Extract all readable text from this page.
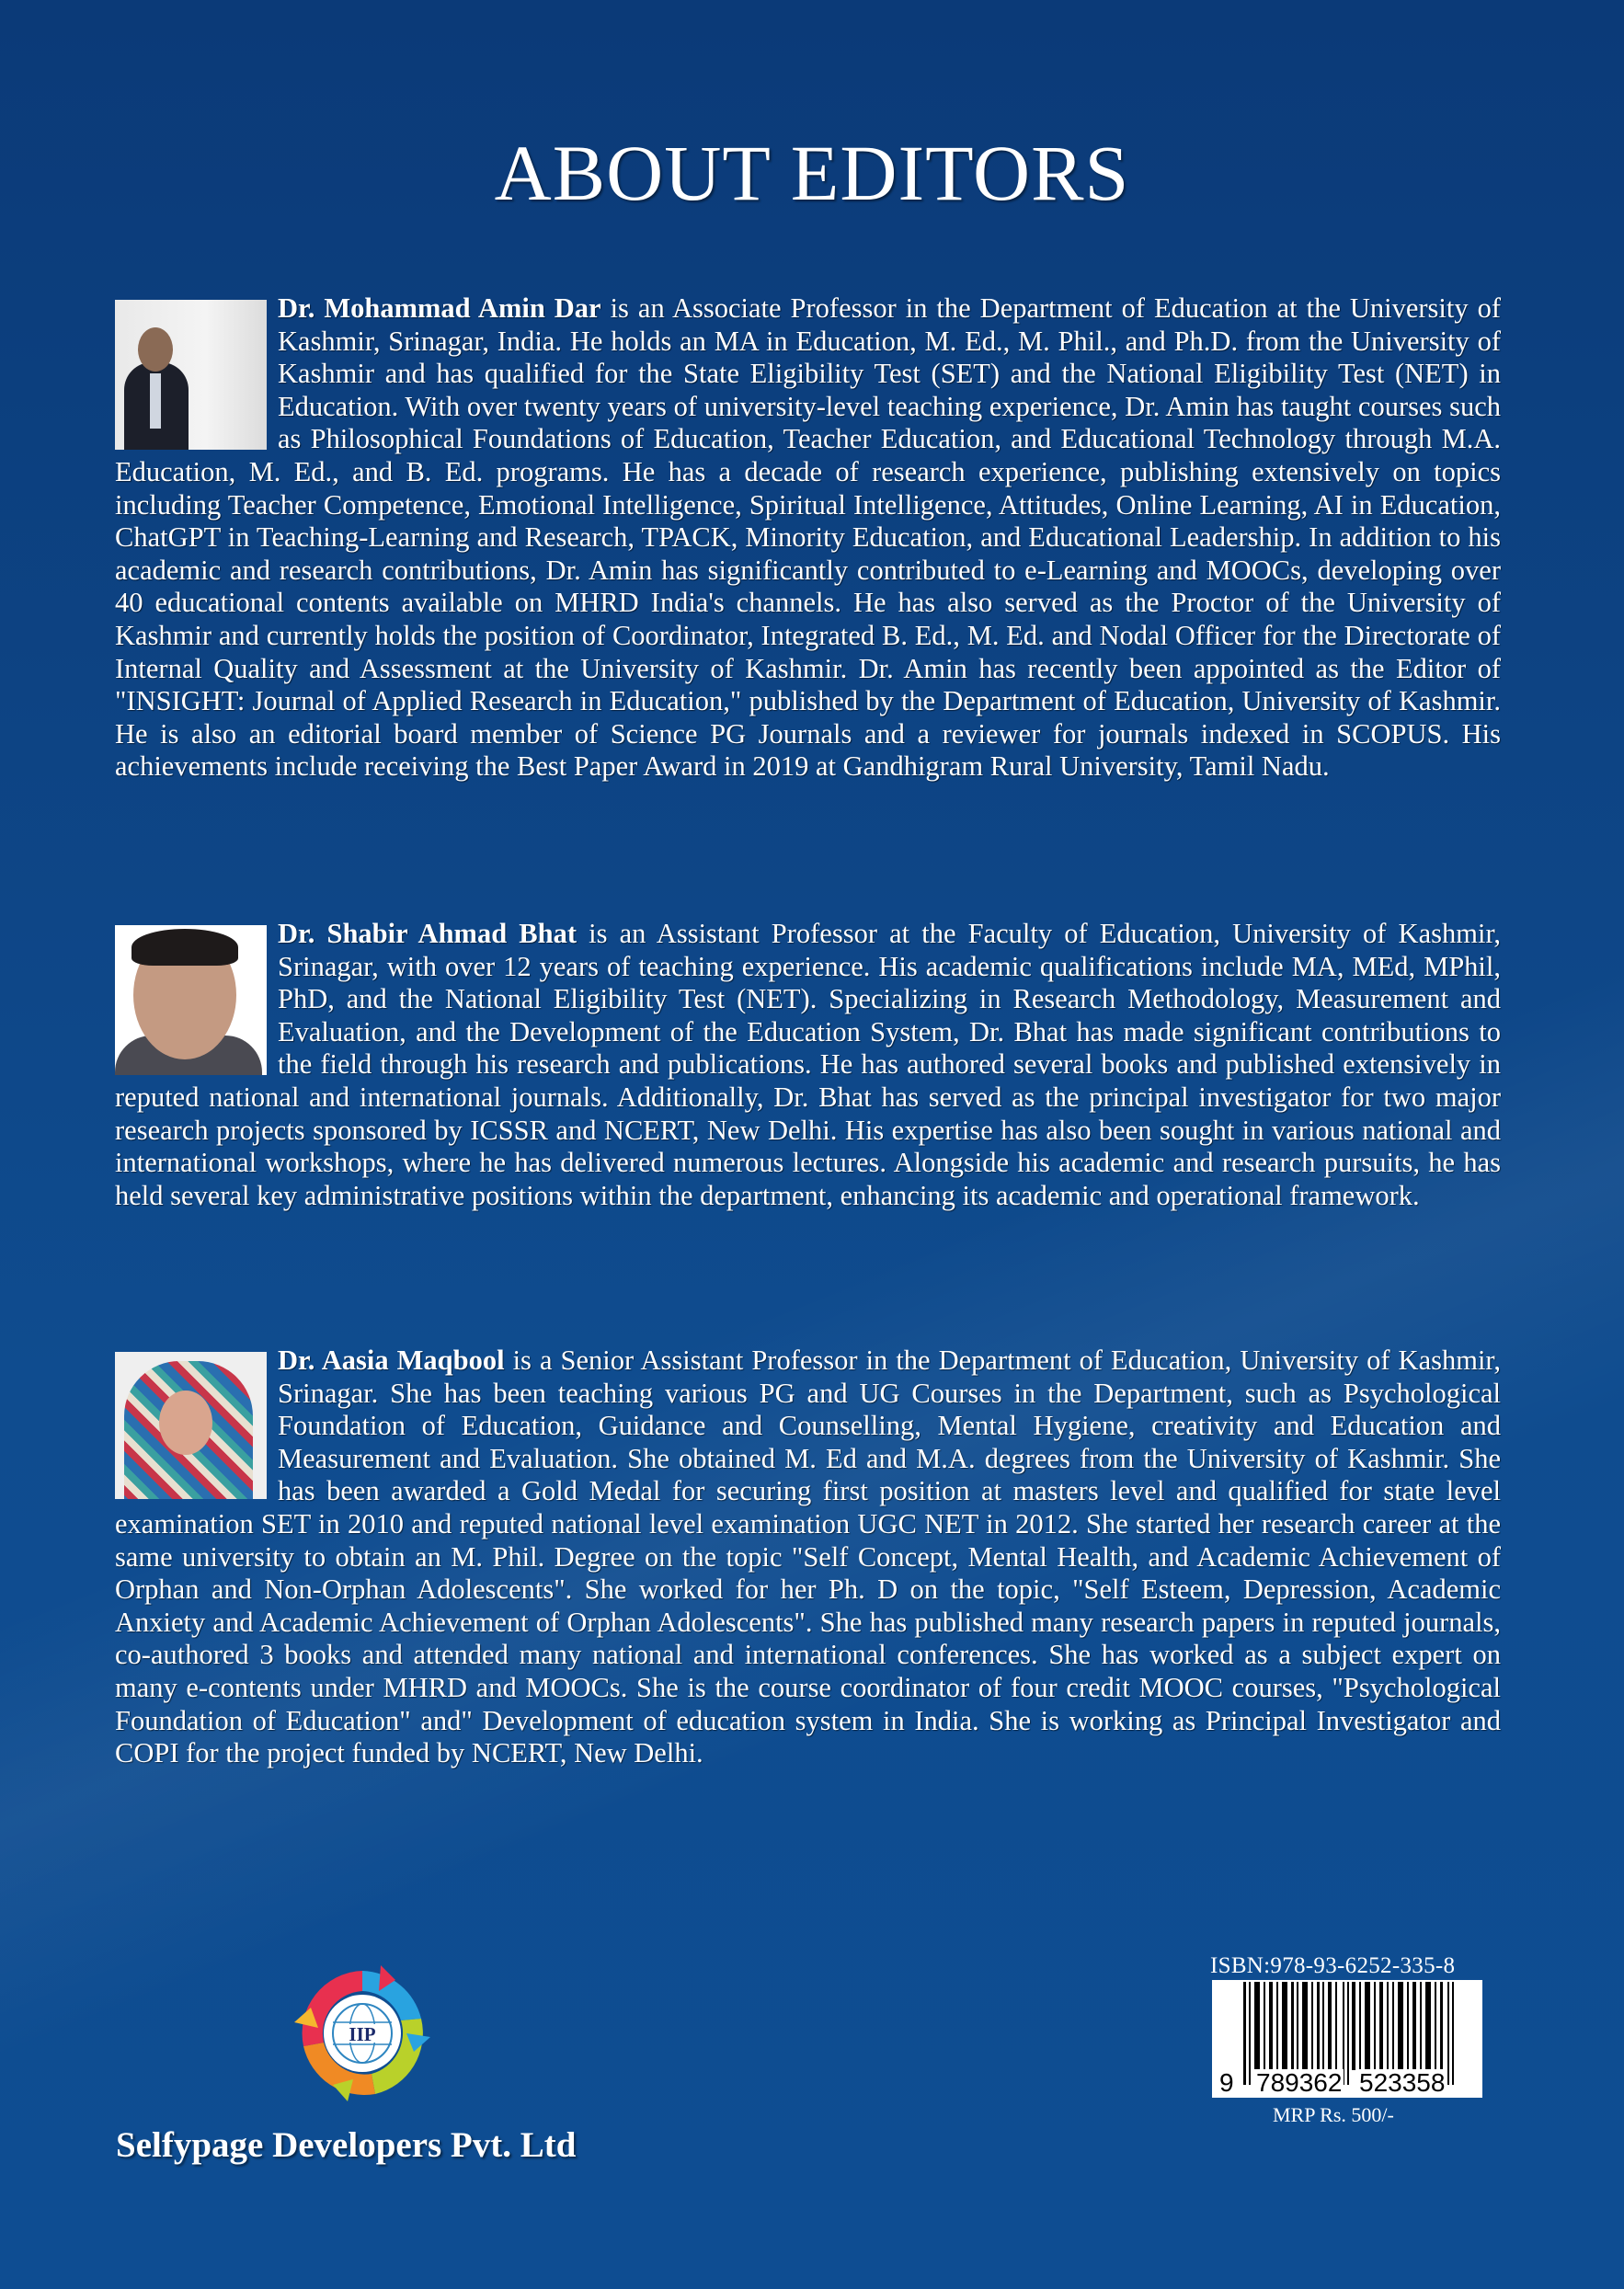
ABOUT EDITORS
Dr. Mohammad Amin Dar is an Associate Professor in the Department of Education at the University of Kashmir, Srinagar, India. He holds an MA in Education, M. Ed., M. Phil., and Ph.D. from the University of Kashmir and has qualified for the State Eligibility Test (SET) and the National Eligibility Test (NET) in Education. With over twenty years of university-level teaching experience, Dr. Amin has taught courses such as Philosophical Foundations of Education, Teacher Education, and Educational Technology through M.A. Education, M. Ed., and B. Ed. programs. He has a decade of research experience, publishing extensively on topics including Teacher Competence, Emotional Intelligence, Spiritual Intelligence, Attitudes, Online Learning, AI in Education, ChatGPT in Teaching-Learning and Research, TPACK, Minority Education, and Educational Leadership. In addition to his academic and research contributions, Dr. Amin has significantly contributed to e-Learning and MOOCs, developing over 40 educational contents available on MHRD India's channels. He has also served as the Proctor of the University of Kashmir and currently holds the position of Coordinator, Integrated B. Ed., M. Ed. and Nodal Officer for the Directorate of Internal Quality and Assessment at the University of Kashmir. Dr. Amin has recently been appointed as the Editor of "INSIGHT: Journal of Applied Research in Education," published by the Department of Education, University of Kashmir. He is also an editorial board member of Science PG Journals and a reviewer for journals indexed in SCOPUS. His achievements include receiving the Best Paper Award in 2019 at Gandhigram Rural University, Tamil Nadu.
Dr. Shabir Ahmad Bhat is an Assistant Professor at the Faculty of Education, University of Kashmir, Srinagar, with over 12 years of teaching experience. His academic qualifications include MA, MEd, MPhil, PhD, and the National Eligibility Test (NET). Specializing in Research Methodology, Measurement and Evaluation, and the Development of the Education System, Dr. Bhat has made significant contributions to the field through his research and publications. He has authored several books and published extensively in reputed national and international journals. Additionally, Dr. Bhat has served as the principal investigator for two major research projects sponsored by ICSSR and NCERT, New Delhi. His expertise has also been sought in various national and international workshops, where he has delivered numerous lectures. Alongside his academic and research pursuits, he has held several key administrative positions within the department, enhancing its academic and operational framework.
Dr. Aasia Maqbool is a Senior Assistant Professor in the Department of Education, University of Kashmir, Srinagar. She has been teaching various PG and UG Courses in the Department, such as Psychological Foundation of Education, Guidance and Counselling, Mental Hygiene, creativity and Education and Measurement and Evaluation. She obtained M. Ed and M.A. degrees from the University of Kashmir. She has been awarded a Gold Medal for securing first position at masters level and qualified for state level examination SET in 2010 and reputed national level examination UGC NET in 2012. She started her research career at the same university to obtain an M. Phil. Degree on the topic "Self Concept, Mental Health, and Academic Achievement of Orphan and Non-Orphan Adolescents". She worked for her Ph. D on the topic, "Self Esteem, Depression, Academic Anxiety and Academic Achievement of Orphan Adolescents". She has published many research papers in reputed journals, co-authored 3 books and attended many national and international conferences. She has worked as a subject expert on many e-contents under MHRD and MOOCs. She is the course coordinator of four credit MOOC courses, "Psychological Foundation of Education" and" Development of education system in India. She is working as Principal Investigator and COPI for the project funded by NCERT, New Delhi.
IIP
Selfypage Developers Pvt. Ltd
ISBN:978-93-6252-335-8
9 789362 523358
MRP Rs. 500/-
